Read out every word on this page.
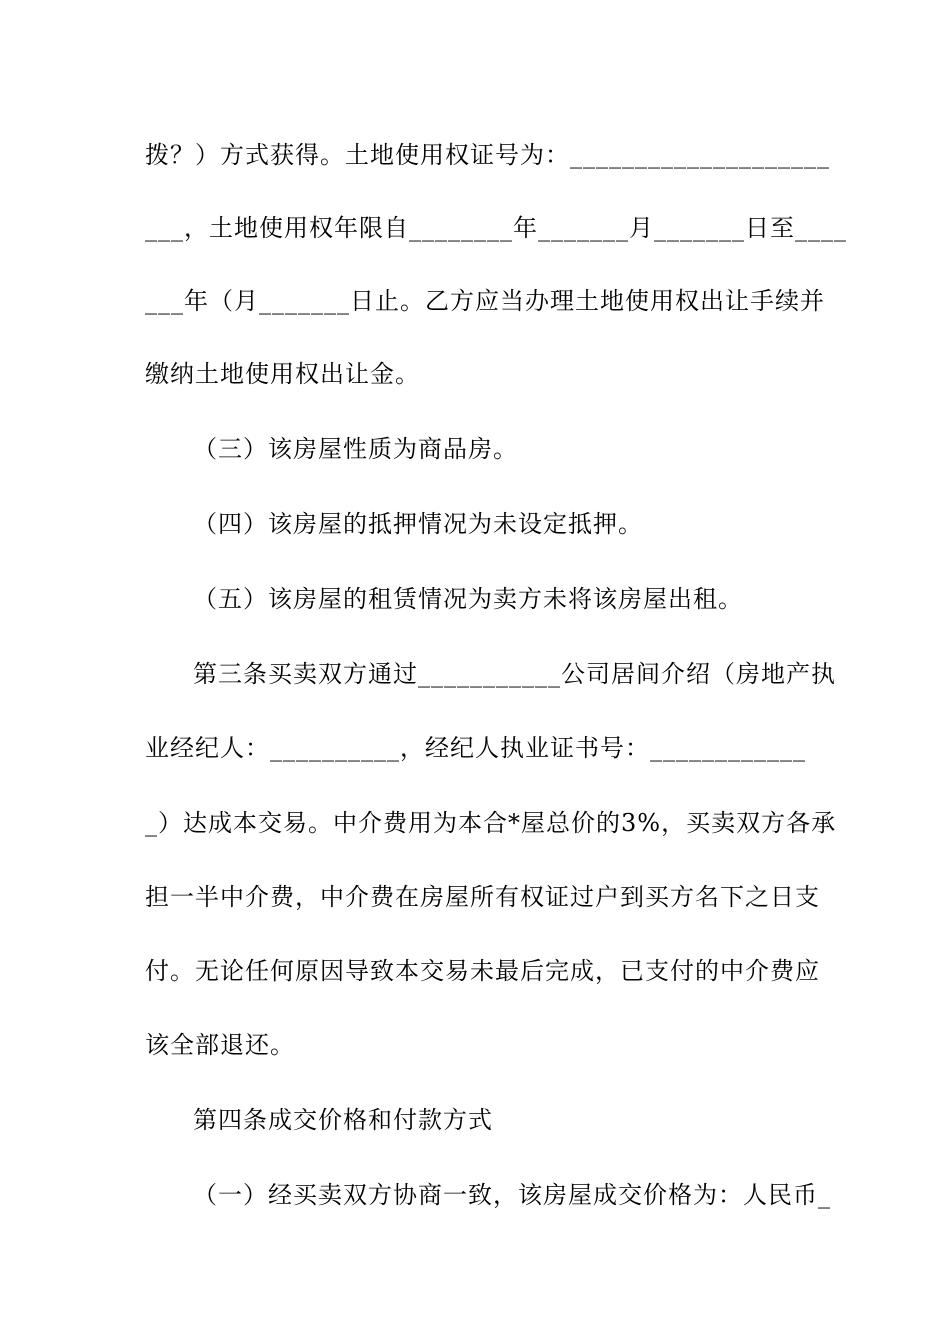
拨？）方式获得。土地使用权证号为：____________________
___，土地使用权年限自________年_______月_______日至____
___年（月_______日止。乙方应当办理土地使用权出让手续并
缴纳土地使用权出让金。
（三）该房屋性质为商品房。
（四）该房屋的抵押情况为未设定抵押。
（五）该房屋的租赁情况为卖方未将该房屋出租。
第三条买卖双方通过___________公司居间介绍（房地产执
业经纪人：__________，经纪人执业证书号：____________
_）达成本交易。中介费用为本合*屋总价的3%，买卖双方各承
担一半中介费，中介费在房屋所有权证过户到买方名下之日支
付。无论任何原因导致本交易未最后完成，已支付的中介费应
该全部退还。
第四条成交价格和付款方式
（一）经买卖双方协商一致，该房屋成交价格为：人民币_
